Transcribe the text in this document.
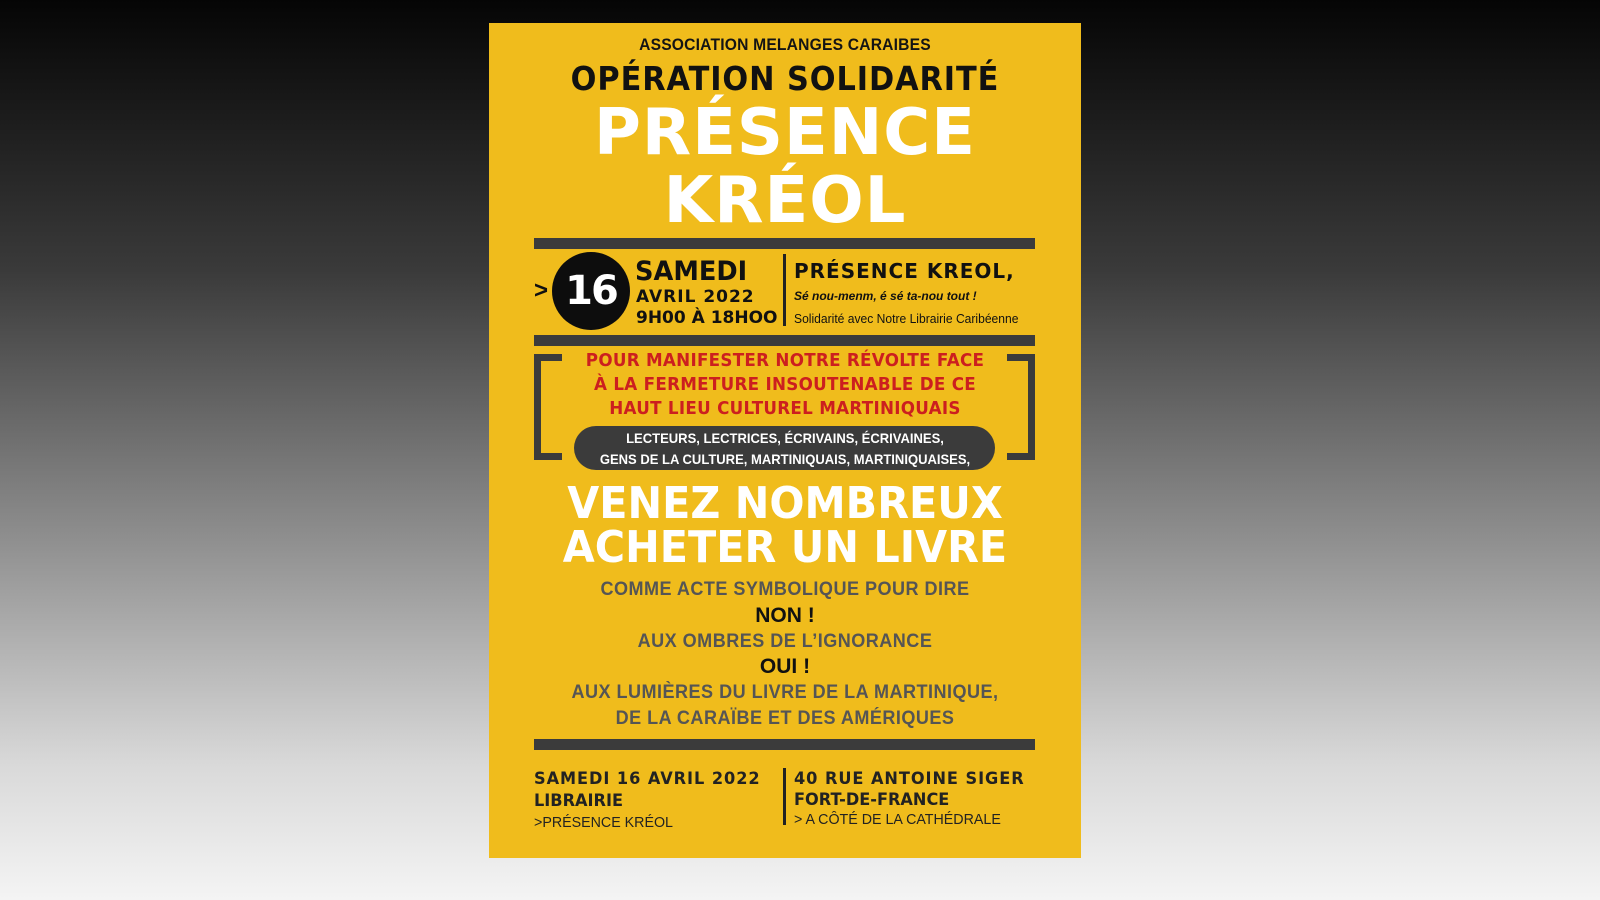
ASSOCIATION MELANGES CARAIBES

OPÉRATION SOLIDARITÉ

PRÉSENCE

KRÉOL

> 16 SAMEDI
AVRIL 2022
9H00 À 18HOO
PRÉSENCE KREOL,
Sé nou-menm, é sé ta-nou tout !
Solidarité avec Notre Librairie Caribéenne

POUR MANIFESTER NOTRE RÉVOLTE FACE

À LA FERMETURE INSOUTENABLE DE CE

HAUT LIEU CULTUREL MARTINIQUAIS

LECTEURS, LECTRICES, ÉCRIVAINS, ÉCRIVAINES,

GENS DE LA CULTURE, MARTINIQUAIS, MARTINIQUAISES,

VENEZ NOMBREUX

ACHETER UN LIVRE

COMME ACTE SYMBOLIQUE POUR DIRE

NON !

AUX OMBRES DE L’IGNORANCE

OUI !

AUX LUMIÈRES DU LIVRE DE LA MARTINIQUE,

DE LA CARAÏBE ET DES AMÉRIQUES

SAMEDI 16 AVRIL 2022
LIBRAIRIE
>PRÉSENCE KRÉOL
40 RUE ANTOINE SIGER
FORT-DE-FRANCE
> A CÔTÉ DE LA CATHÉDRALE
